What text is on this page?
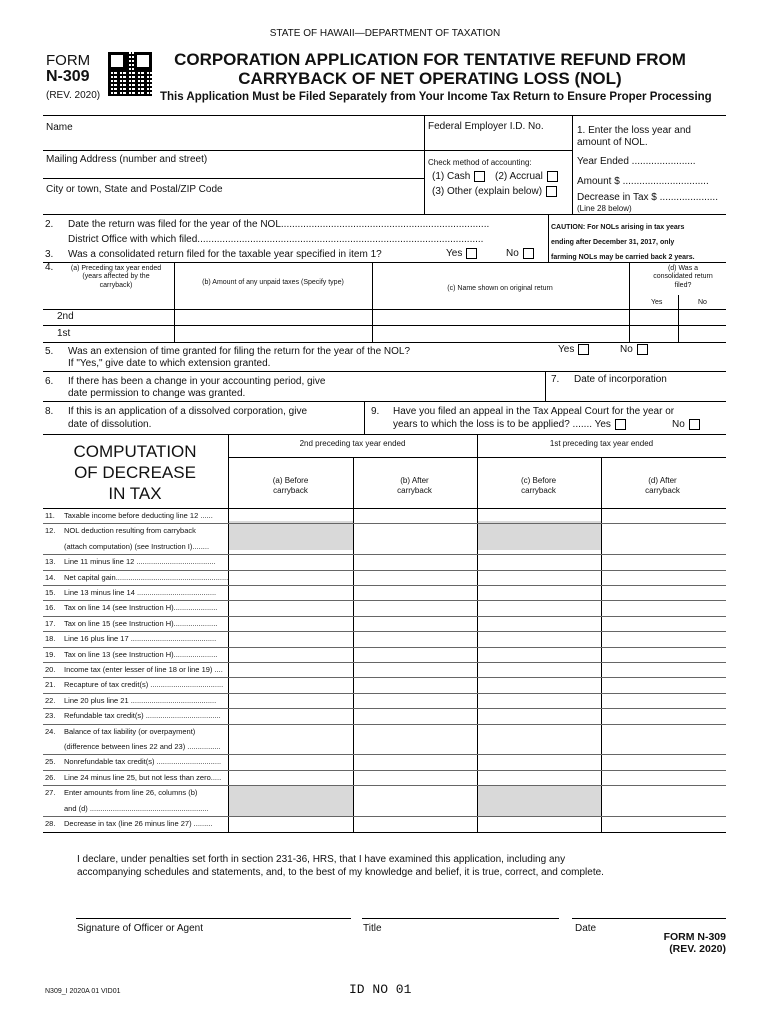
STATE OF HAWAII—DEPARTMENT OF TAXATION
FORM
N-309
(REV. 2020)
CORPORATION APPLICATION FOR TENTATIVE REFUND FROM
CARRYBACK OF NET OPERATING LOSS (NOL)
This Application Must be Filed Separately from Your Income Tax Return to Ensure Proper Processing
Name	Federal Employer I.D. No.
Mailing Address (number and street)
City or town, State and Postal/ZIP Code
Check method of accounting:
(1) Cash	(2) Accrual
(3) Other (explain below)
1. Enter the loss year and amount of NOL.
Year Ended .......................
Amount $ ...............................
Decrease in Tax $ .....................
(Line 28 below)
2. Date the return was filed for the year of the NOL...........................................................................
District Office with which filed.......................................................................................................
3. Was a consolidated return filed for the taxable year specified in item 1?	Yes	No
CAUTION: For NOLs arising in tax years
ending after December 31, 2017, only
farming NOLs may be carried back 2 years.
4.	(a) Preceding tax year ended (years affected by the carryback)	(b) Amount of any unpaid taxes (Specify type)
(c) Name shown on original return
(d) Was a consolidated return filed?
Yes	No
2nd
1st
5. Was an extension of time granted for filing the return for the year of the NOL?
If "Yes," give date to which extension granted.
Yes	No
6. If there has been a change in your accounting period, give
date permission to change was granted.
7. Date of incorporation
8. If this is an application of a dissolved corporation, give
date of dissolution.
9. Have you filed an appeal in the Tax Appeal Court for the year or
years to which the loss is to be applied? ....... Yes	No
COMPUTATION
OF DECREASE
IN TAX
2nd preceding tax year ended	1st preceding tax year ended
(a) Before carryback
(b) After carryback
(c) Before carryback
(d) After carryback
11. Taxable income before deducting line 12 ......
12. NOL deduction resulting from carryback
(attach computation) (see Instruction I)........
13. Line 11 minus line 12 ......................................
14. Net capital gain......................................................
15. Line 13 minus line 14 ......................................
16. Tax on line 14 (see Instruction H).....................
17. Tax on line 15 (see Instruction H).....................
18. Line 16 plus line 17 .........................................
19. Tax on line 13 (see Instruction H).....................
20. Income tax (enter lesser of line 18 or line 19) ....
21. Recapture of tax credit(s) ...................................
22. Line 20 plus line 21 .........................................
23. Refundable tax credit(s) ....................................
24. Balance of tax liability (or overpayment)
(difference between lines 22 and 23) ................
25. Nonrefundable tax credit(s) ...............................
26. Line 24 minus line 25, but not less than zero.....
27. Enter amounts from line 26, columns (b)
and (d) .........................................................
28. Decrease in tax (line 26 minus line 27) .........
I declare, under penalties set forth in section 231-36, HRS, that I have examined this application, including any
accompanying schedules and statements, and, to the best of my knowledge and belief, it is true, correct, and complete.
Signature of Officer or Agent	Title	Date
FORM N-309
(REV. 2020)
N309_I 2020A 01 VID01	ID NO 01
